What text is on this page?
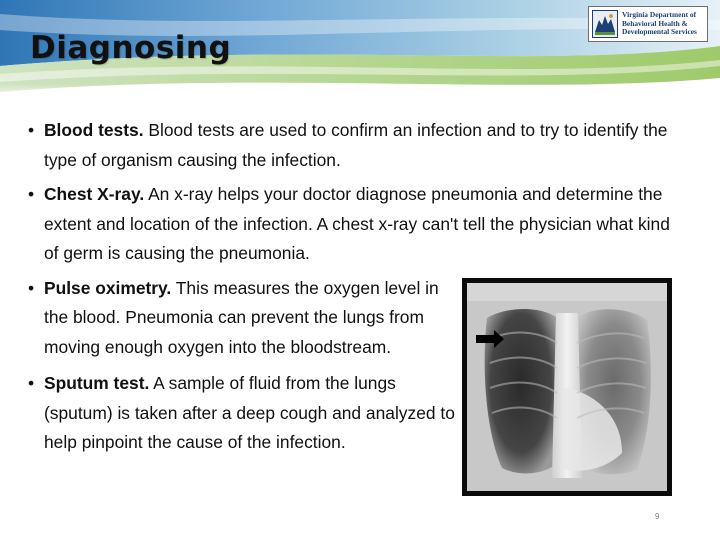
Diagnosing
Virginia Department of
Behavioral Health &
Developmental Services
• Blood tests. Blood tests are used to confirm an infection and to try to identify the type of organism causing the infection.
• Chest X-ray. An x-ray helps your doctor diagnose pneumonia and determine the extent and location of the infection. A chest x-ray can't tell the physician what kind of germ is causing the pneumonia.
• Pulse oximetry. This measures the oxygen level in the blood. Pneumonia can prevent the lungs from moving enough oxygen into the bloodstream.
• Sputum test. A sample of fluid from the lungs (sputum) is taken after a deep cough and analyzed to help pinpoint the cause of the infection.
9
